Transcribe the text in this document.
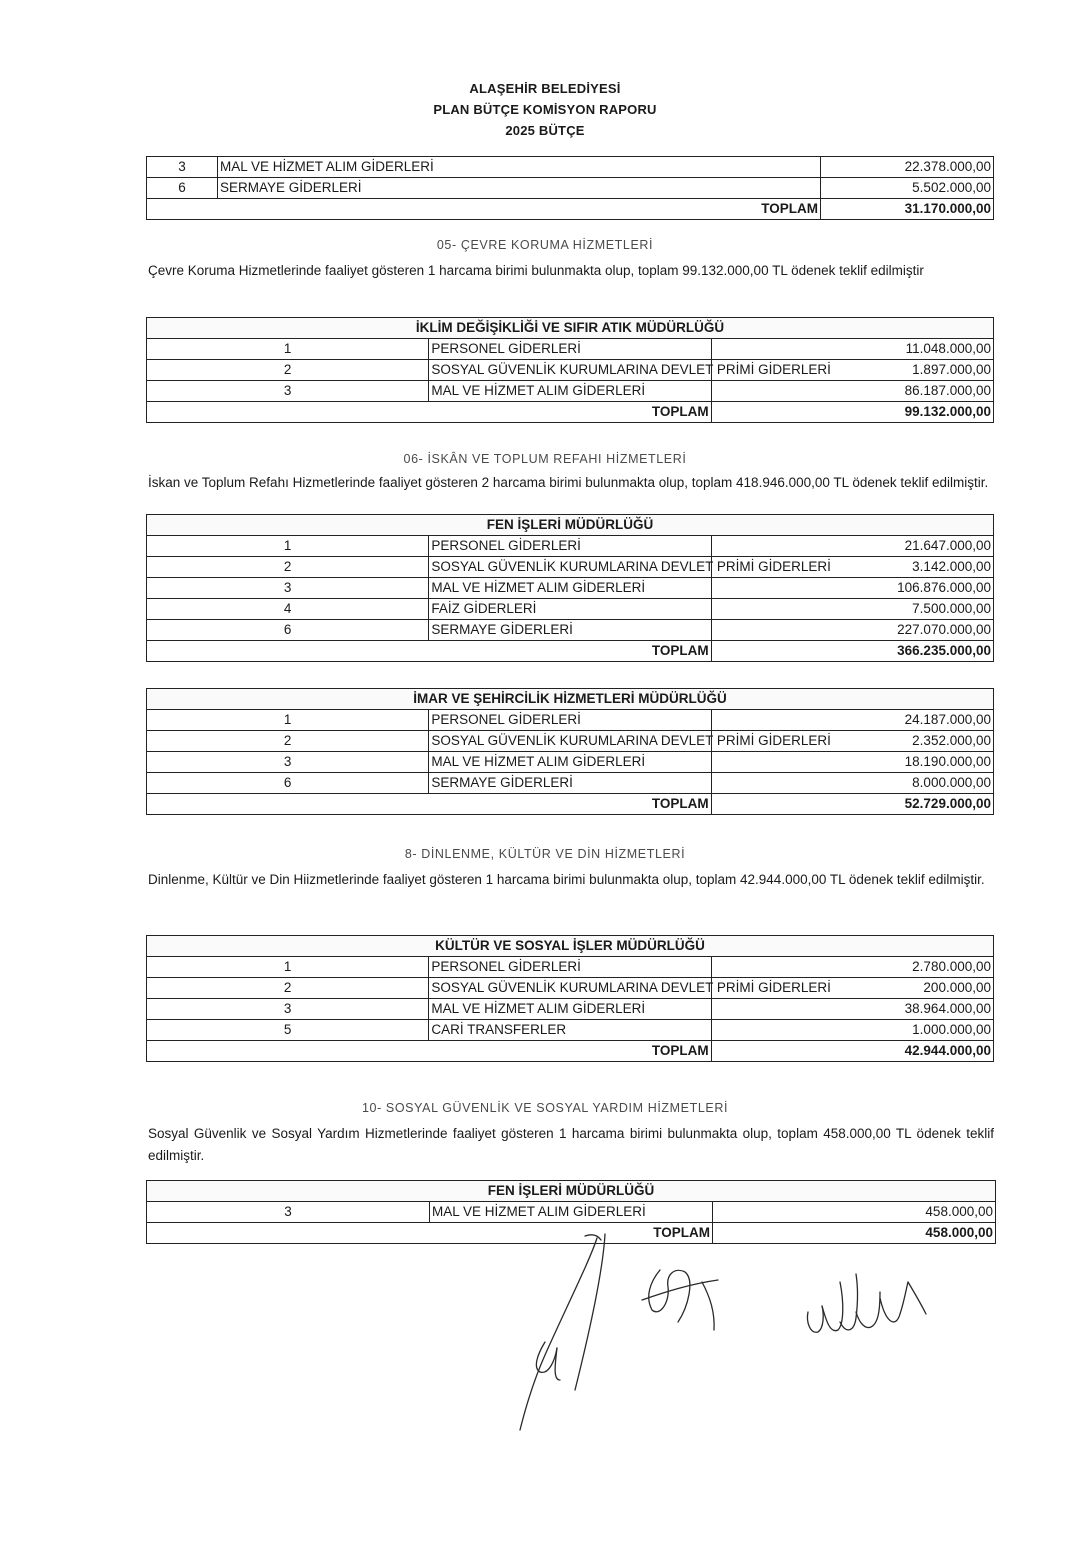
ALAŞEHİR BELEDİYESİ
PLAN BÜTÇE KOMİSYON RAPORU
2025 BÜTÇE
3	MAL VE HİZMET ALIM GİDERLERİ	22.378.000,00
6	SERMAYE GİDERLERİ	5.502.000,00
TOPLAM		31.170.000,00
05- ÇEVRE KORUMA HİZMETLERİ
Çevre Koruma Hizmetlerinde faaliyet gösteren 1 harcama birimi bulunmakta olup, toplam 99.132.000,00 TL ödenek teklif edilmiştir
İKLİM DEĞİŞİKLİĞİ VE SIFIR ATIK MÜDÜRLÜĞÜ		
1	PERSONEL GİDERLERİ	11.048.000,00
2	SOSYAL GÜVENLİK KURUMLARINA DEVLET PRİMİ GİDERLERİ	1.897.000,00
3	MAL VE HİZMET ALIM GİDERLERİ	86.187.000,00
TOPLAM		99.132.000,00
06- İSKÂN VE TOPLUM REFAHI HİZMETLERİ
İskan ve Toplum Refahı Hizmetlerinde faaliyet gösteren 2 harcama birimi bulunmakta olup, toplam 418.946.000,00 TL ödenek teklif edilmiştir.
FEN İŞLERİ MÜDÜRLÜĞÜ		
1	PERSONEL GİDERLERİ	21.647.000,00
2	SOSYAL GÜVENLİK KURUMLARINA DEVLET PRİMİ GİDERLERİ	3.142.000,00
3	MAL VE HİZMET ALIM GİDERLERİ	106.876.000,00
4	FAİZ GİDERLERİ	7.500.000,00
6	SERMAYE GİDERLERİ	227.070.000,00
TOPLAM		366.235.000,00
İMAR VE ŞEHİRCİLİK HİZMETLERİ MÜDÜRLÜĞÜ		
1	PERSONEL GİDERLERİ	24.187.000,00
2	SOSYAL GÜVENLİK KURUMLARINA DEVLET PRİMİ GİDERLERİ	2.352.000,00
3	MAL VE HİZMET ALIM GİDERLERİ	18.190.000,00
6	SERMAYE GİDERLERİ	8.000.000,00
TOPLAM		52.729.000,00
8- DİNLENME, KÜLTÜR VE DİN HİZMETLERİ
Dinlenme, Kültür ve Din Hiizmetlerinde faaliyet gösteren 1 harcama birimi bulunmakta olup, toplam 42.944.000,00 TL ödenek teklif edilmiştir.
KÜLTÜR VE SOSYAL İŞLER MÜDÜRLÜĞÜ		
1	PERSONEL GİDERLERİ	2.780.000,00
2	SOSYAL GÜVENLİK KURUMLARINA DEVLET PRİMİ GİDERLERİ	200.000,00
3	MAL VE HİZMET ALIM GİDERLERİ	38.964.000,00
5	CARİ TRANSFERLER	1.000.000,00
TOPLAM		42.944.000,00
10- SOSYAL GÜVENLİK VE SOSYAL YARDIM HİZMETLERİ
Sosyal Güvenlik ve Sosyal Yardım Hizmetlerinde faaliyet gösteren 1 harcama birimi bulunmakta olup, toplam 458.000,00 TL ödenek teklif edilmiştir.
FEN İŞLERİ MÜDÜRLÜĞÜ		
3	MAL VE HİZMET ALIM GİDERLERİ	458.000,00
TOPLAM		458.000,00
